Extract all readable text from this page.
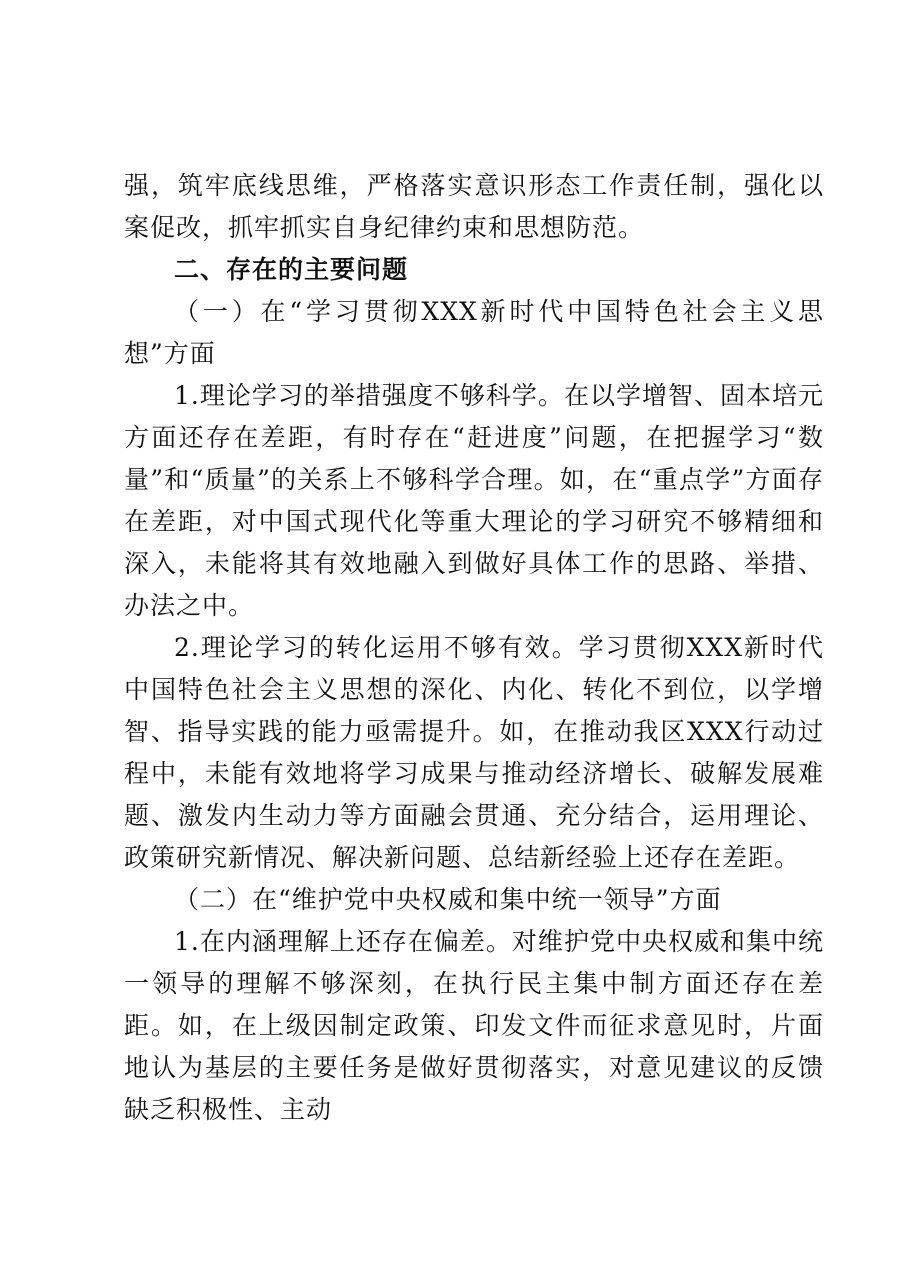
强，筑牢底线思维，严格落实意识形态工作责任制，强化以案促改，抓牢抓实自身纪律约束和思想防范。

二、存在的主要问题

（一）在“学习贯彻XXX新时代中国特色社会主义思想”方面

1.理论学习的举措强度不够科学。在以学增智、固本培元方面还存在差距，有时存在“赶进度”问题，在把握学习“数量”和“质量”的关系上不够科学合理。如，在“重点学”方面存在差距，对中国式现代化等重大理论的学习研究不够精细和深入，未能将其有效地融入到做好具体工作的思路、举措、办法之中。

2.理论学习的转化运用不够有效。学习贯彻XXX新时代中国特色社会主义思想的深化、内化、转化不到位，以学增智、指导实践的能力亟需提升。如，在推动我区XXX行动过程中，未能有效地将学习成果与推动经济增长、破解发展难题、激发内生动力等方面融会贯通、充分结合，运用理论、政策研究新情况、解决新问题、总结新经验上还存在差距。

（二）在“维护党中央权威和集中统一领导”方面

1.在内涵理解上还存在偏差。对维护党中央权威和集中统一领导的理解不够深刻，在执行民主集中制方面还存在差距。如，在上级因制定政策、印发文件而征求意见时，片面地认为基层的主要任务是做好贯彻落实，对意见建议的反馈缺乏积极性、主动
